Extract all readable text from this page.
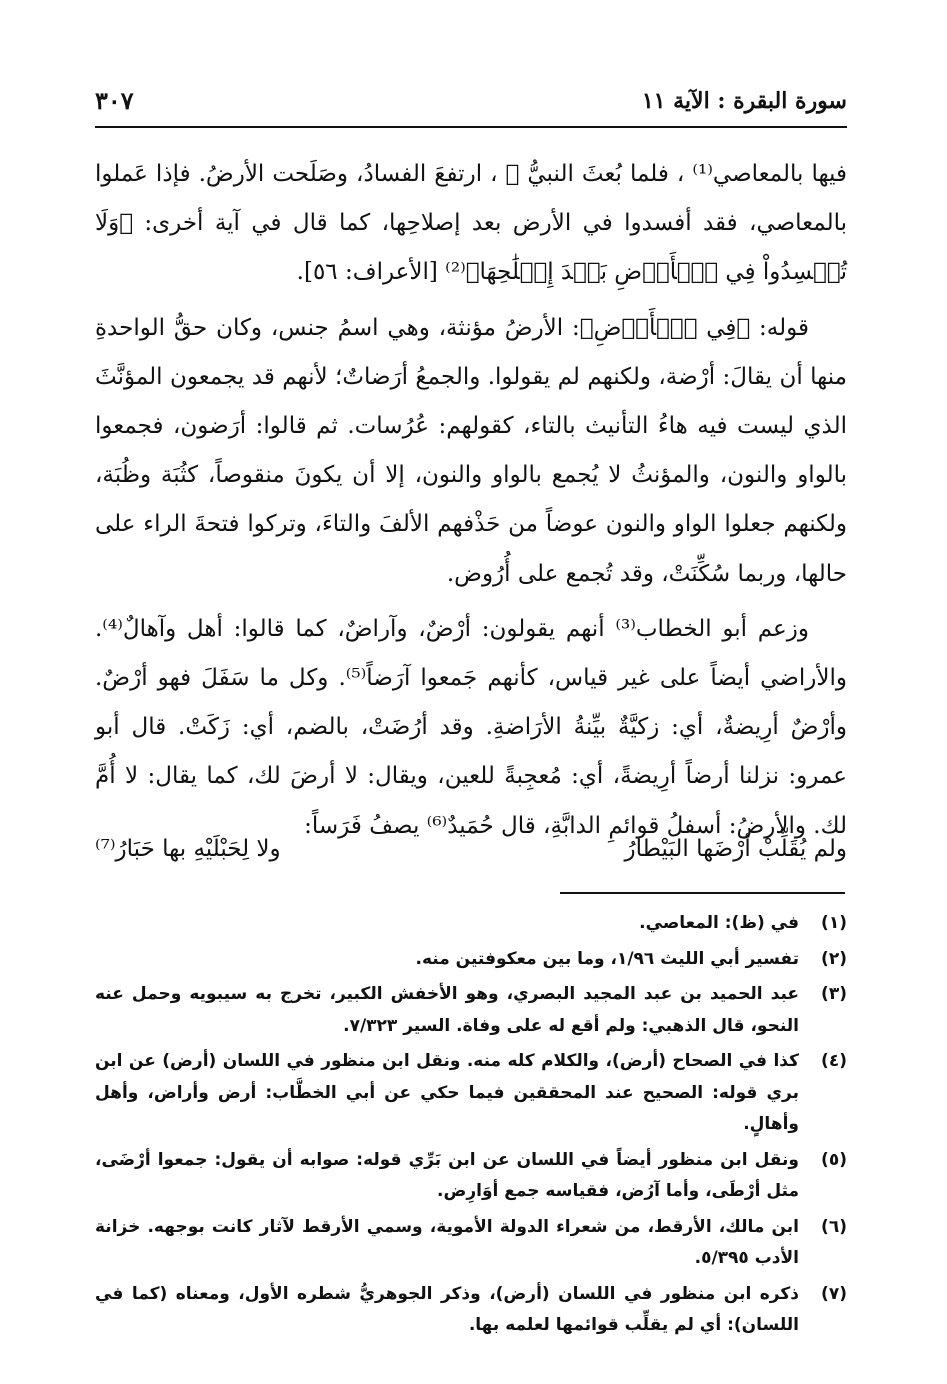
سورة البقرة : الآية ١١
٣٠٧

فيها بالمعاصي⁽¹⁾ ، فلما بُعثَ النبيُّ ﷺ ، ارتفعَ الفسادُ، وصَلَحت الأرضُ. فإذا عَملوا بالمعاصي، فقد أفسدوا في الأرض بعد إصلاحِها، كما قال في آية أخرى: ﴿وَلَا تُفۡسِدُواْ فِي ٱلۡأَرۡضِ بَعۡدَ إِصۡلَٰحِهَا﴾⁽²⁾ [الأعراف: ٥٦].

قوله: ﴿فِي ٱلۡأَرۡضِ﴾: الأرضُ مؤنثة، وهي اسمُ جنس، وكان حقُّ الواحدةِ منها أن يقالَ: أرْضة، ولكنهم لم يقولوا. والجمعُ أرَضاتٌ؛ لأنهم قد يجمعون المؤنَّثَ الذي ليست فيه هاءُ التأنيث بالتاء، كقولهم: عُرُسات. ثم قالوا: أرَضون، فجمعوا بالواو والنون، والمؤنثُ لا يُجمع بالواو والنون، إلا أن يكونَ منقوصاً، كثُبَة وظُبَة، ولكنهم جعلوا الواو والنون عوضاً من حَذْفهم الألفَ والتاءَ، وتركوا فتحةَ الراء على حالها، وربما سُكِّنَتْ، وقد تُجمع على أُرُوض.

وزعم أبو الخطاب⁽³⁾ أنهم يقولون: أرْضٌ، وآراضٌ، كما قالوا: أهل وآهالٌ⁽⁴⁾. والأراضي أيضاً على غير قياس، كأنهم جَمعوا آرَضاً⁽⁵⁾. وكل ما سَفَلَ فهو أرْضٌ. وأرْضٌ أرِيضةٌ، أي: زكيَّةٌ بيِّنةُ الأرَاضةِ. وقد أرُضَتْ، بالضم، أي: زَكَتْ. قال أبو عمرو: نزلنا أرضاً أرِيضةً، أي: مُعجِبةً للعين، ويقال: لا أرضَ لك، كما يقال: لا أُمَّ لك. والأرضُ: أسفلُ قوائمِ الدابَّةِ، قال حُمَيدٌ⁽⁶⁾ يصفُ فَرَساً:

ولم يُقَلِّبْ أرْضَها البَيْطارُ
ولا لِحَبْلَيْهِ بها حَبَارُ⁽⁷⁾
(١)
في (ظ): المعاصي.
(٢)
تفسير أبي الليث ١/٩٦، وما بين معكوفتين منه.
(٣)
عبد الحميد بن عبد المجيد البصري، وهو الأخفش الكبير، تخرج به سيبويه وحمل عنه النحو، قال الذهبي: ولم أقع له على وفاة. السير ٧/٣٢٣.
(٤)
كذا في الصحاح (أرض)، والكلام كله منه. ونقل ابن منظور في اللسان (أرض) عن ابن بري قوله: الصحيح عند المحققين فيما حكي عن أبي الخطَّاب: أرض وأراض، وأهل وأهالٍ.
(٥)
ونقل ابن منظور أيضاً في اللسان عن ابن بَرِّي قوله: صوابه أن يقول: جمعوا أرْضَى، مثل أرْطَى، وأما آرُض، فقياسه جمع أوَارِض.
(٦)
ابن مالك، الأرقط، من شعراء الدولة الأموية، وسمي الأرقط لآثار كانت بوجهه. خزانة الأدب ٥/٣٩٥.
(٧)
ذكره ابن منظور في اللسان (أرض)، وذكر الجوهريُّ شطره الأول، ومعناه (كما في اللسان): أي لم يقلِّب قوائمها لعلمه بها.
